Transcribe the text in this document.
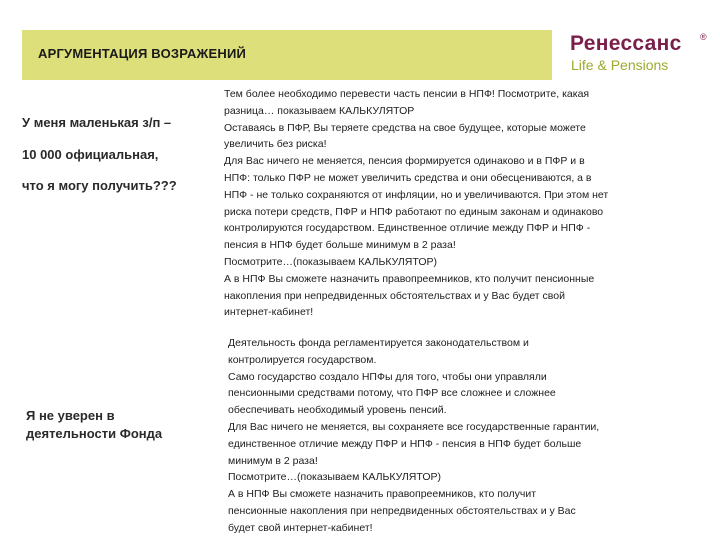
АРГУМЕНТАЦИЯ ВОЗРАЖЕНИЙ	Ренессанс ®
Life & Pensions
У меня маленькая з/п –
10 000 официальная,
что я могу получить???
Тем более необходимо перевести часть пенсии в НПФ! Посмотрите, какая
разница… показываем КАЛЬКУЛЯТОР
Оставаясь в ПФР, Вы теряете средства на свое будущее, которые можете
увеличить без риска!
Для Вас ничего не меняется, пенсия формируется одинаково и в ПФР и в
НПФ: только ПФР не может увеличить средства и они обесцениваются, а в
НПФ - не только сохраняются от инфляции, но и увеличиваются. При этом нет
риска потери средств, ПФР и НПФ работают по единым законам и одинаково
контролируются государством. Единственное отличие между ПФР и НПФ -
пенсия в НПФ будет больше минимум в 2 раза!
Посмотрите…(показываем КАЛЬКУЛЯТОР)
А в НПФ Вы сможете назначить правопреемников, кто получит пенсионные
накопления при непредвиденных обстоятельствах и у Вас будет свой
интернет-кабинет!
Я не уверен в
деятельности Фонда
Деятельность фонда регламентируется законодательством и
контролируется государством.
Само государство создало НПФы для того, чтобы они управляли
пенсионными средствами потому, что ПФР все сложнее и сложнее
обеспечивать необходимый уровень пенсий.
Для Вас ничего не меняется, вы сохраняете все государственные гарантии,
единственное отличие между ПФР и НПФ - пенсия в НПФ будет больше
минимум в 2 раза!
Посмотрите…(показываем КАЛЬКУЛЯТОР)
А в НПФ Вы сможете назначить правопреемников, кто получит
пенсионные накопления при непредвиденных обстоятельствах и у Вас
будет свой интернет-кабинет!
